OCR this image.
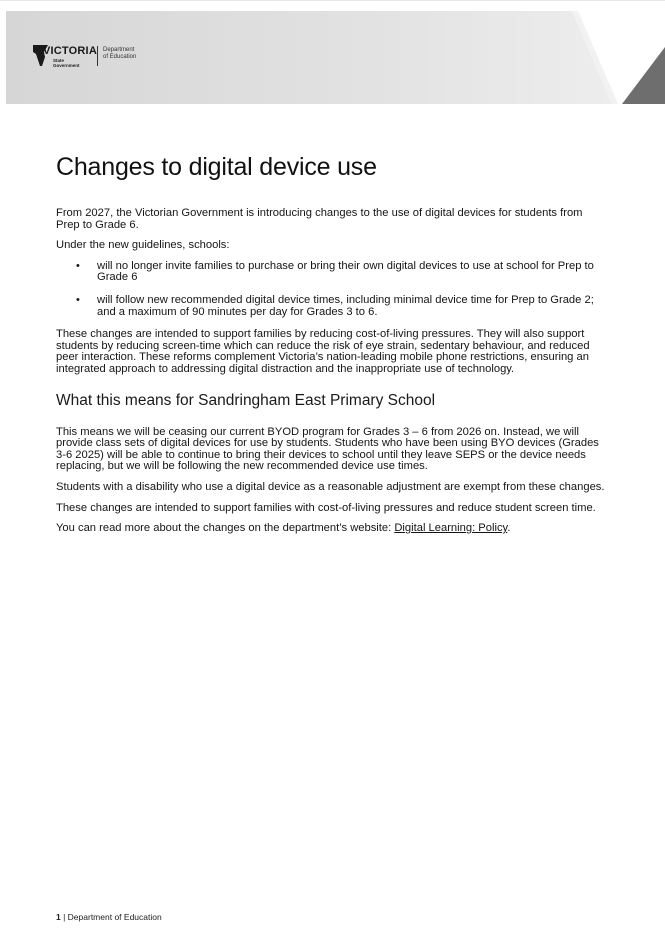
VICTORIA
State
Government
Department
of Education
Changes to digital device use

From 2027, the Victorian Government is introducing changes to the use of digital devices for students from Prep to Grade 6.

Under the new guidelines, schools:

• will no longer invite families to purchase or bring their own digital devices to use at school for Prep to Grade 6
• will follow new recommended digital device times, including minimal device time for Prep to Grade 2; and a maximum of 90 minutes per day for Grades 3 to 6.

These changes are intended to support families by reducing cost-of-living pressures. They will also support students by reducing screen-time which can reduce the risk of eye strain, sedentary behaviour, and reduced peer interaction. These reforms complement Victoria’s nation-leading mobile phone restrictions, ensuring an integrated approach to addressing digital distraction and the inappropriate use of technology.

What this means for Sandringham East Primary School

This means we will be ceasing our current BYOD program for Grades 3 – 6 from 2026 on. Instead, we will provide class sets of digital devices for use by students. Students who have been using BYO devices (Grades 3-6 2025) will be able to continue to bring their devices to school until they leave SEPS or the device needs replacing, but we will be following the new recommended device use times.

Students with a disability who use a digital device as a reasonable adjustment are exempt from these changes.

These changes are intended to support families with cost-of-living pressures and reduce student screen time.

You can read more about the changes on the department’s website: Digital Learning: Policy.

1 | Department of Education
